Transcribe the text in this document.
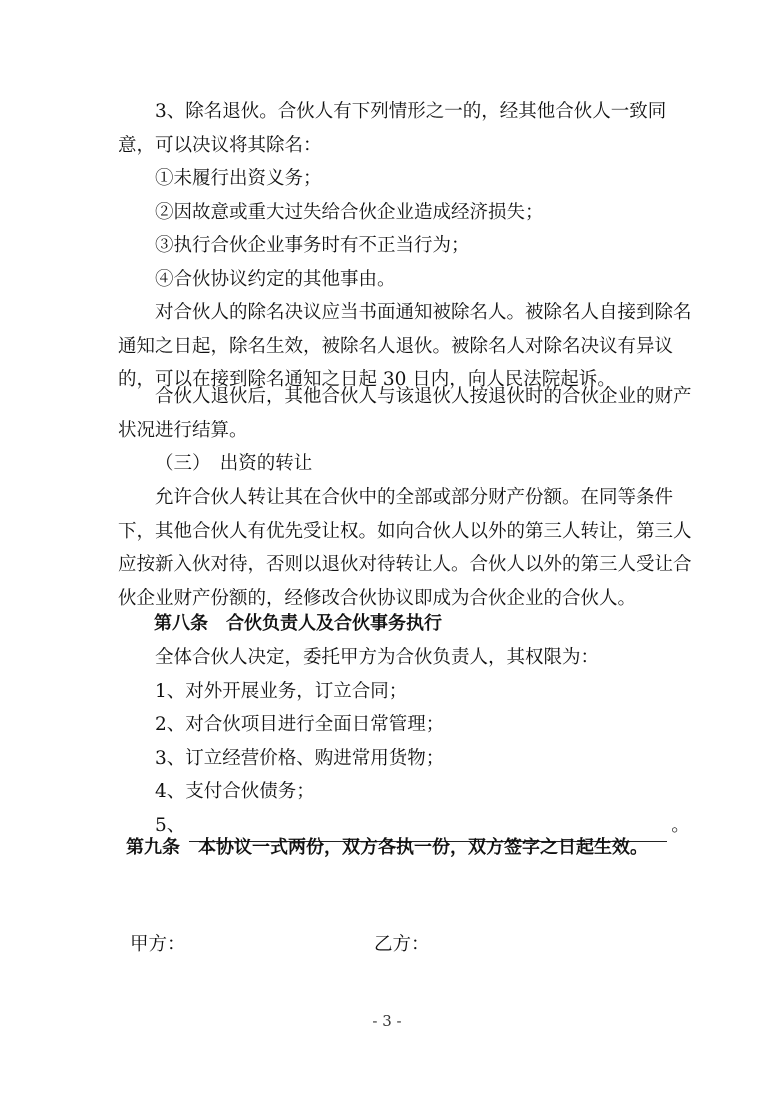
3、除名退伙。合伙人有下列情形之一的，经其他合伙人一致同意，可以决议将其除名：

①未履行出资义务；

②因故意或重大过失给合伙企业造成经济损失；

③执行合伙企业事务时有不正当行为；

④合伙协议约定的其他事由。

对合伙人的除名决议应当书面通知被除名人。被除名人自接到除名通知之日起，除名生效，被除名人退伙。被除名人对除名决议有异议的，可以在接到除名通知之日起 30 日内，向人民法院起诉。

合伙人退伙后，其他合伙人与该退伙人按退伙时的合伙企业的财产状况进行结算。

（三）　出资的转让

允许合伙人转让其在合伙中的全部或部分财产份额。在同等条件下，其他合伙人有优先受让权。如向合伙人以外的第三人转让，第三人应按新入伙对待，否则以退伙对待转让人。合伙人以外的第三人受让合伙企业财产份额的，经修改合伙协议即成为合伙企业的合伙人。

第八条　合伙负责人及合伙事务执行

全体合伙人决定，委托甲方为合伙负责人，其权限为：

1、对外开展业务，订立合同；

2、对合伙项目进行全面日常管理；

3、订立经营价格、购进常用货物；

4、支付合伙债务；

5、	。

第九条　本协议一式两份，双方各执一份，双方签字之日起生效。

甲方：	乙方：
- 3 -
